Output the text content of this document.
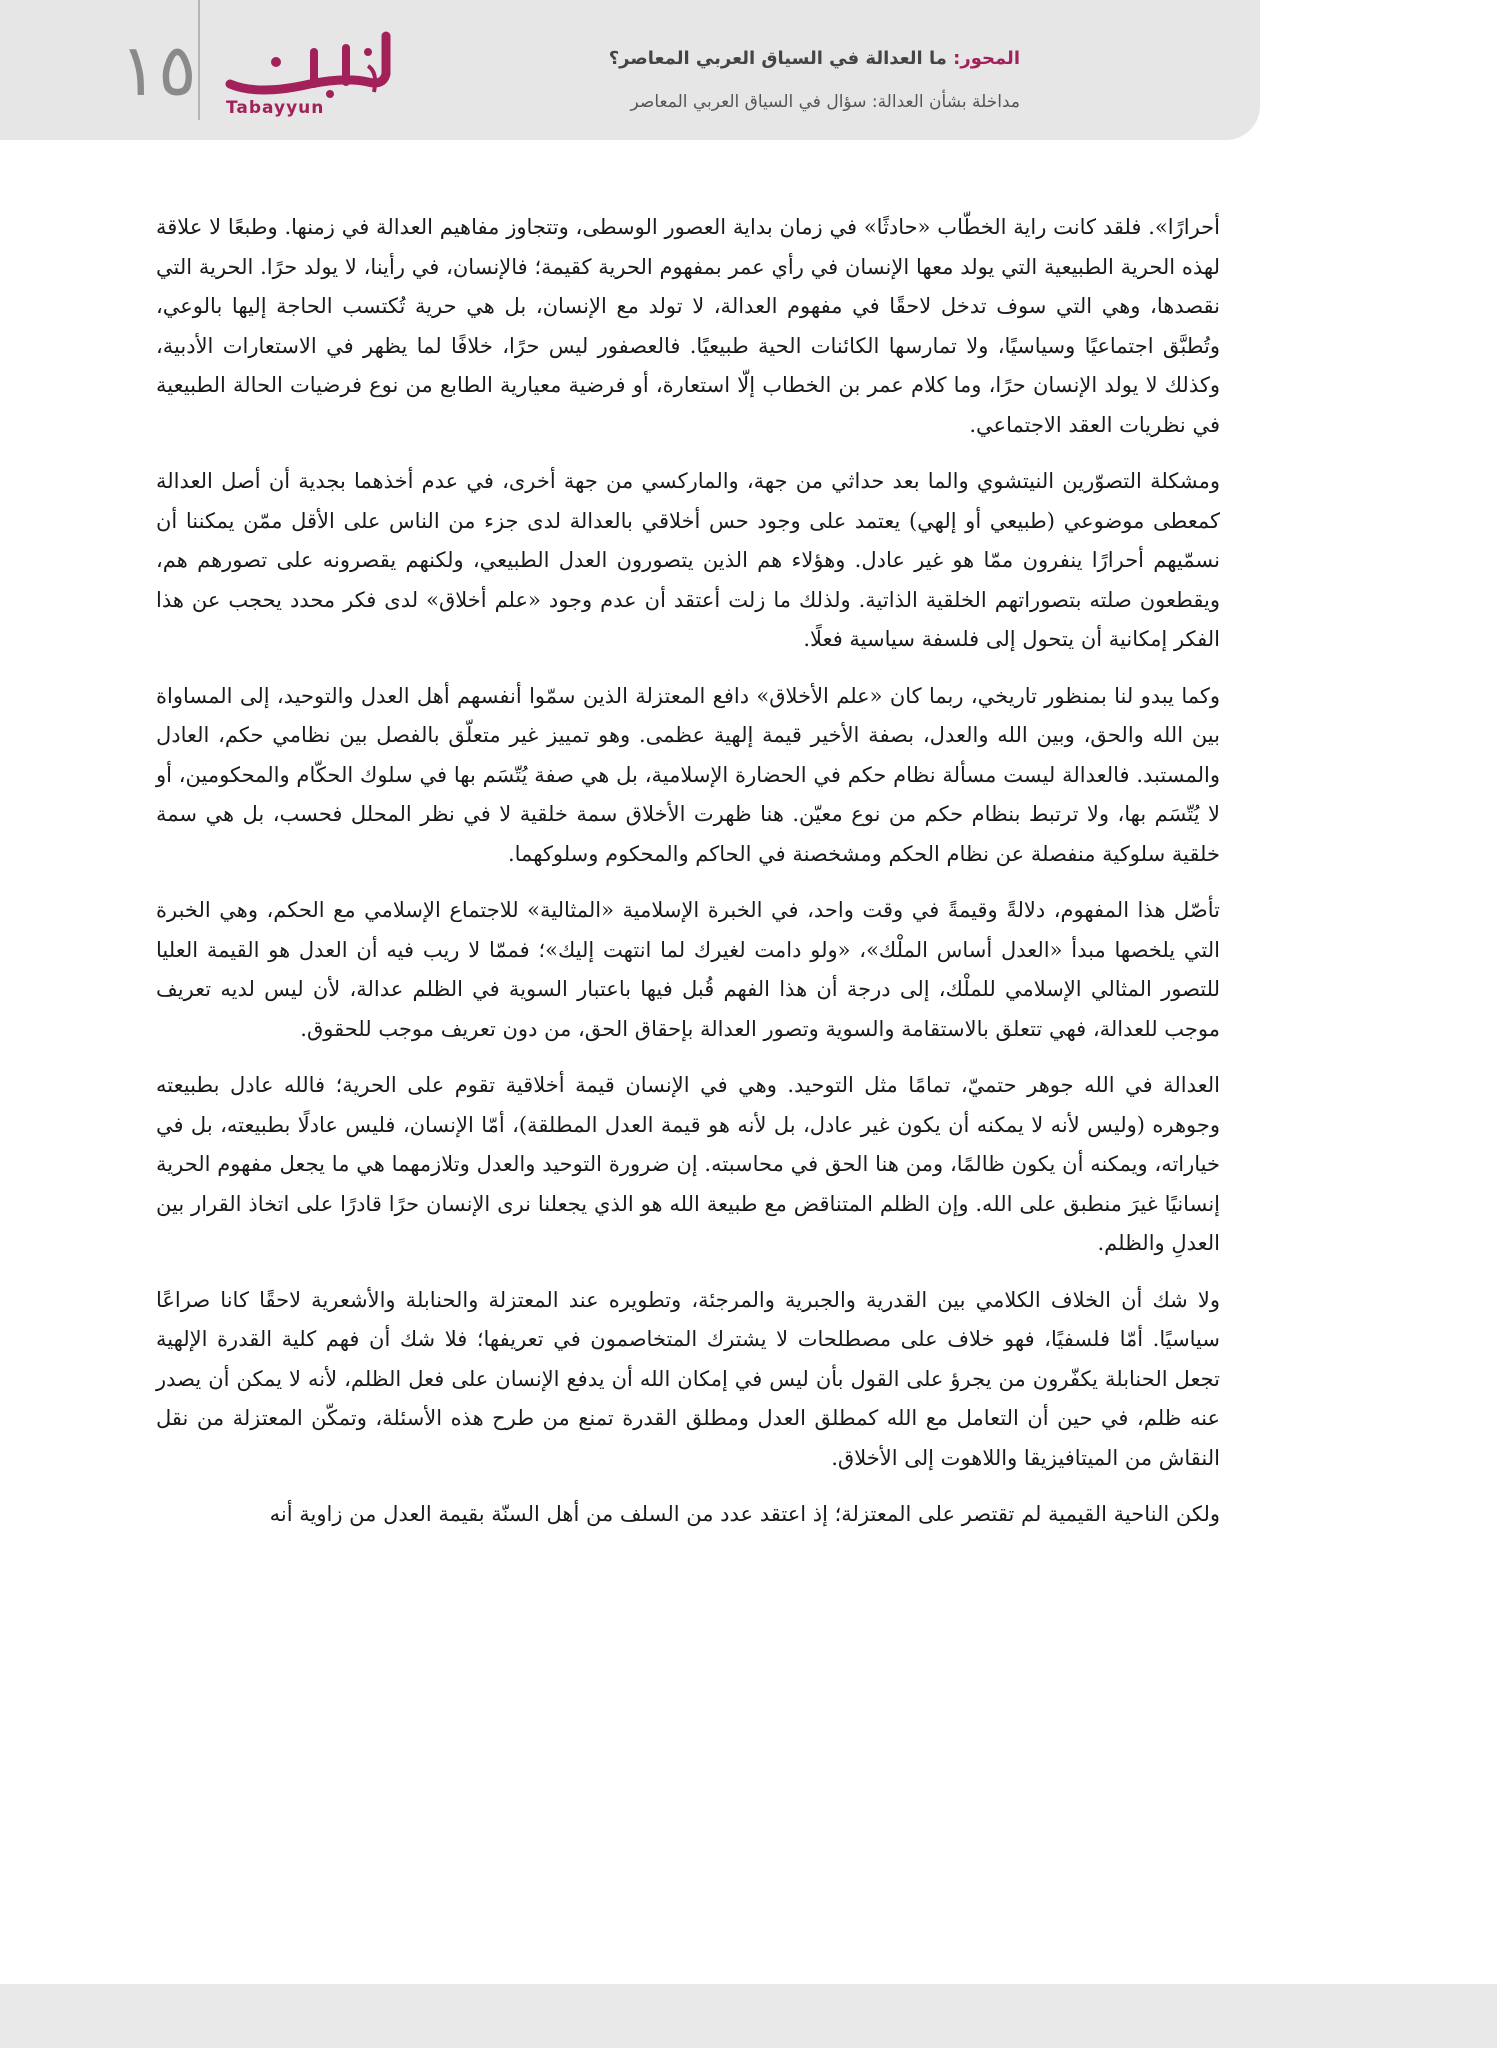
١٥ Tabayyun
المحور: ما العدالة في السياق العربي المعاصر؟
مداخلة بشأن العدالة: سؤال في السياق العربي المعاصر

أحرارًا». فلقد كانت راية الخطّاب «حادثًا» في زمان بداية العصور الوسطى، وتتجاوز مفاهيم العدالة في زمنها. وطبعًا لا علاقة لهذه الحرية الطبيعية التي يولد معها الإنسان في رأي عمر بمفهوم الحرية كقيمة؛ فالإنسان، في رأينا، لا يولد حرًا. الحرية التي نقصدها، وهي التي سوف تدخل لاحقًا في مفهوم العدالة، لا تولد مع الإنسان، بل هي حرية تُكتسب الحاجة إليها بالوعي، وتُطبَّق اجتماعيًا وسياسيًا، ولا تمارسها الكائنات الحية طبيعيًا. فالعصفور ليس حرًا، خلافًا لما يظهر في الاستعارات الأدبية، وكذلك لا يولد الإنسان حرًا، وما كلام عمر بن الخطاب إلّا استعارة، أو فرضية معيارية الطابع من نوع فرضيات الحالة الطبيعية في نظريات العقد الاجتماعي.

ومشكلة التصوّرين النيتشوي والما بعد حداثي من جهة، والماركسي من جهة أخرى، في عدم أخذهما بجدية أن أصل العدالة كمعطى موضوعي (طبيعي أو إلهي) يعتمد على وجود حس أخلاقي بالعدالة لدى جزء من الناس على الأقل ممّن يمكننا أن نسمّيهم أحرارًا ينفرون ممّا هو غير عادل. وهؤلاء هم الذين يتصورون العدل الطبيعي، ولكنهم يقصرونه على تصورهم هم، ويقطعون صلته بتصوراتهم الخلقية الذاتية. ولذلك ما زلت أعتقد أن عدم وجود «علم أخلاق» لدى فكر محدد يحجب عن هذا الفكر إمكانية أن يتحول إلى فلسفة سياسية فعلًا.

وكما يبدو لنا بمنظور تاريخي، ربما كان «علم الأخلاق» دافع المعتزلة الذين سمّوا أنفسهم أهل العدل والتوحيد، إلى المساواة بين الله والحق، وبين الله والعدل، بصفة الأخير قيمة إلهية عظمى. وهو تمييز غير متعلّق بالفصل بين نظامي حكم، العادل والمستبد. فالعدالة ليست مسألة نظام حكم في الحضارة الإسلامية، بل هي صفة يُتّسَم بها في سلوك الحكّام والمحكومين، أو لا يُتّسَم بها، ولا ترتبط بنظام حكم من نوع معيّن. هنا ظهرت الأخلاق سمة خلقية لا في نظر المحلل فحسب، بل هي سمة خلقية سلوكية منفصلة عن نظام الحكم ومشخصنة في الحاكم والمحكوم وسلوكهما.

تأصّل هذا المفهوم، دلالةً وقيمةً في وقت واحد، في الخبرة الإسلامية «المثالية» للاجتماع الإسلامي مع الحكم، وهي الخبرة التي يلخصها مبدأ «العدل أساس الملْك»، «ولو دامت لغيرك لما انتهت إليك»؛ فممّا لا ريب فيه أن العدل هو القيمة العليا للتصور المثالي الإسلامي للملْك، إلى درجة أن هذا الفهم قُبل فيها باعتبار السوية في الظلم عدالة، لأن ليس لديه تعريف موجب للعدالة، فهي تتعلق بالاستقامة والسوية وتصور العدالة بإحقاق الحق، من دون تعريف موجب للحقوق.

العدالة في الله جوهر حتميّ، تمامًا مثل التوحيد. وهي في الإنسان قيمة أخلاقية تقوم على الحرية؛ فالله عادل بطبيعته وجوهره (وليس لأنه لا يمكنه أن يكون غير عادل، بل لأنه هو قيمة العدل المطلقة)، أمّا الإنسان، فليس عادلًا بطبيعته، بل في خياراته، ويمكنه أن يكون ظالمًا، ومن هنا الحق في محاسبته. إن ضرورة التوحيد والعدل وتلازمهما هي ما يجعل مفهوم الحرية إنسانيًا غيرَ منطبق على الله. وإن الظلم المتناقض مع طبيعة الله هو الذي يجعلنا نرى الإنسان حرًا قادرًا على اتخاذ القرار بين العدلِ والظلم.

ولا شك أن الخلاف الكلامي بين القدرية والجبرية والمرجئة، وتطويره عند المعتزلة والحنابلة والأشعرية لاحقًا كانا صراعًا سياسيًا. أمّا فلسفيًا، فهو خلاف على مصطلحات لا يشترك المتخاصمون في تعريفها؛ فلا شك أن فهم كلية القدرة الإلهية تجعل الحنابلة يكفّرون من يجرؤ على القول بأن ليس في إمكان الله أن يدفع الإنسان على فعل الظلم، لأنه لا يمكن أن يصدر عنه ظلم، في حين أن التعامل مع الله كمطلق العدل ومطلق القدرة تمنع من طرح هذه الأسئلة، وتمكّن المعتزلة من نقل النقاش من الميتافيزيقا واللاهوت إلى الأخلاق.

ولكن الناحية القيمية لم تقتصر على المعتزلة؛ إذ اعتقد عدد من السلف من أهل السنّة بقيمة العدل من زاوية أنه
